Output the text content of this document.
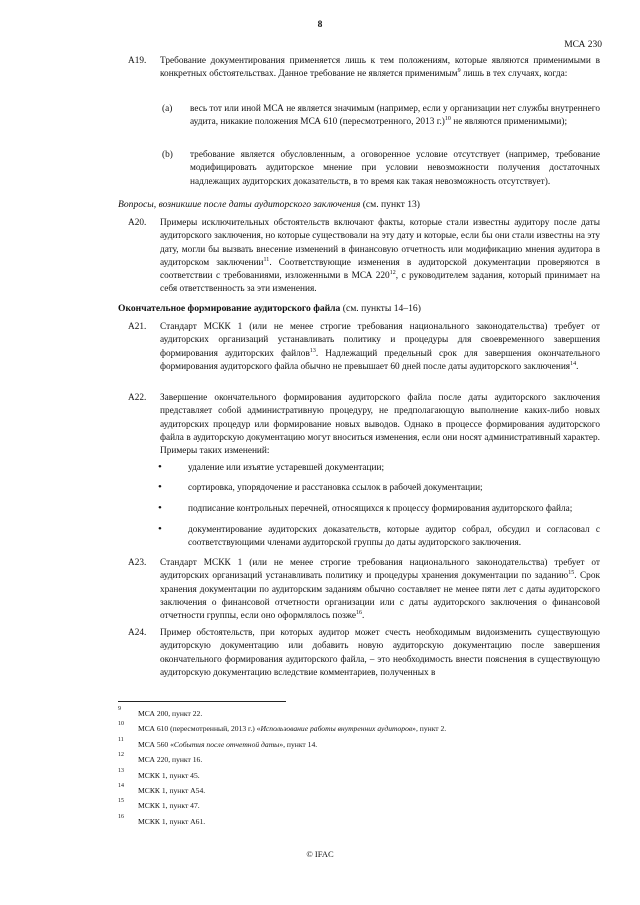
8
МСА 230
A19. Требование документирования применяется лишь к тем положениям, которые являются применимыми в конкретных обстоятельствах. Данное требование не является применимым$^9$ лишь в тех случаях, когда:
(a) весь тот или иной МСА не является значимым (например, если у организации нет службы внутреннего аудита, никакие положения МСА 610 (пересмотренного, 2013 г.)$^{10}$ не являются применимыми);
(b) требование является обусловленным, а оговоренное условие отсутствует (например, требование модифицировать аудиторское мнение при условии невозможности получения достаточных надлежащих аудиторских доказательств, в то время как такая невозможность отсутствует).
Вопросы, возникшие после даты аудиторского заключения (см. пункт 13)
A20. Примеры исключительных обстоятельств включают факты, которые стали известны аудитору после даты аудиторского заключения, но которые существовали на эту дату и которые, если бы они стали известны на эту дату, могли бы вызвать внесение изменений в финансовую отчетность или модификацию мнения аудитора в аудиторском заключении$^{11}$. Соответствующие изменения в аудиторской документации проверяются в соответствии с требованиями, изложенными в МСА $220^{12}$, с руководителем задания, который принимает на себя ответственность за эти изменения.
Окончательное формирование аудиторского файла (см. пункты 14–16)
A21. Стандарт МСКК 1 (или не менее строгие требования национального законодательства) требует от аудиторских организаций устанавливать политику и процедуры для своевременного завершения формирования аудиторских файлов$^{13}$. Надлежащий предельный срок для завершения окончательного формирования аудиторского файла обычно не превышает 60 дней после даты аудиторского заключения$^{14}$.
A22. Завершение окончательного формирования аудиторского файла после даты аудиторского заключения представляет собой административную процедуру, не предполагающую выполнение каких-либо новых аудиторских процедур или формирование новых выводов. Однако в процессе формирования аудиторского файла в аудиторскую документацию могут вноситься изменения, если они носят административный характер. Примеры таких изменений:
•	удаление или изъятие устаревшей документации;
•	сортировка, упорядочение и расстановка ссылок в рабочей документации;
•	подписание контрольных перечней, относящихся к процессу формирования аудиторского файла;
•	документирование аудиторских доказательств, которые аудитор собрал, обсудил и согласовал с соответствующими членами аудиторской группы до даты аудиторского заключения.
A23. Стандарт МСКК 1 (или не менее строгие требования национального законодательства) требует от аудиторских организаций устанавливать политику и процедуры хранения документации по заданию$^{15}$. Срок хранения документации по аудиторским заданиям обычно составляет не менее пяти лет с даты аудиторского заключения о финансовой отчетности организации или с даты аудиторского заключения о финансовой отчетности группы, если оно оформлялось позже$^{16}$.
A24. Пример обстоятельств, при которых аудитор может счесть необходимым видоизменить существующую аудиторскую документацию или добавить новую аудиторскую документацию после завершения окончательного формирования аудиторского файла, – это необходимость внести пояснения в существующую аудиторскую документацию вследствие комментариев, полученных в
9 МСА 200, пункт 22.
10 МСА 610 (пересмотренный, 2013 г.) «Использование работы внутренних аудиторов», пункт 2.
11 МСА 560 «События после отчетной даты», пункт 14.
12 МСА 220, пункт 16.
13 МСКК 1, пункт 45.
14 МСКК 1, пункт A54.
15 МСКК 1, пункт 47.
16 МСКК 1, пункт A61.
© IFAC
